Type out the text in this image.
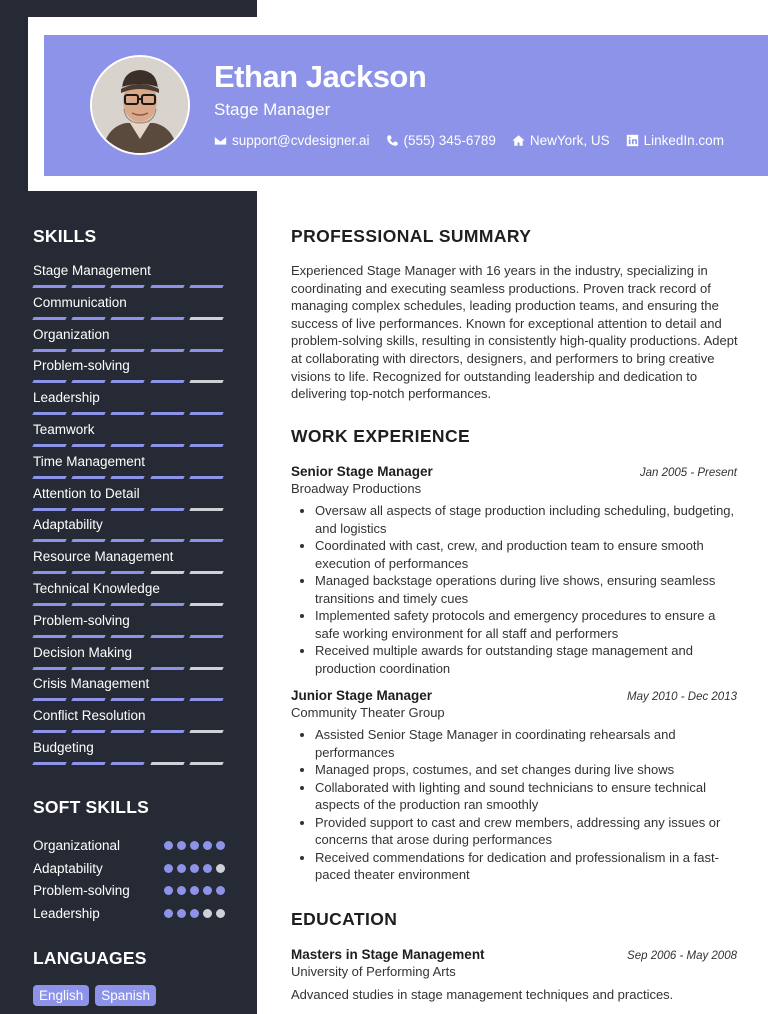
Ethan Jackson
Stage Manager
support@cvdesigner.ai	(555) 345-6789	NewYork, US	LinkedIn.com
SKILLS
Stage Management
Communication
Organization
Problem-solving
Leadership
Teamwork
Time Management
Attention to Detail
Adaptability
Resource Management
Technical Knowledge
Problem-solving
Decision Making
Crisis Management
Conflict Resolution
Budgeting
SOFT SKILLS
Organizational
Adaptability
Problem-solving
Leadership
LANGUAGES
English	Spanish
PROFESSIONAL SUMMARY
Experienced Stage Manager with 16 years in the industry, specializing in coordinating and executing seamless productions. Proven track record of managing complex schedules, leading production teams, and ensuring the success of live performances. Known for exceptional attention to detail and problem-solving skills, resulting in consistently high-quality productions. Adept at collaborating with directors, designers, and performers to bring creative visions to life. Recognized for outstanding leadership and dedication to delivering top-notch performances.
WORK EXPERIENCE
Senior Stage Manager	Jan 2005 - Present
Broadway Productions
• Oversaw all aspects of stage production including scheduling, budgeting, and logistics
• Coordinated with cast, crew, and production team to ensure smooth execution of performances
• Managed backstage operations during live shows, ensuring seamless transitions and timely cues
• Implemented safety protocols and emergency procedures to ensure a safe working environment for all staff and performers
• Received multiple awards for outstanding stage management and production coordination
Junior Stage Manager	May 2010 - Dec 2013
Community Theater Group
• Assisted Senior Stage Manager in coordinating rehearsals and performances
• Managed props, costumes, and set changes during live shows
• Collaborated with lighting and sound technicians to ensure technical aspects of the production ran smoothly
• Provided support to cast and crew members, addressing any issues or concerns that arose during performances
• Received commendations for dedication and professionalism in a fast-paced theater environment
EDUCATION
Masters in Stage Management	Sep 2006 - May 2008
University of Performing Arts
Advanced studies in stage management techniques and practices.
